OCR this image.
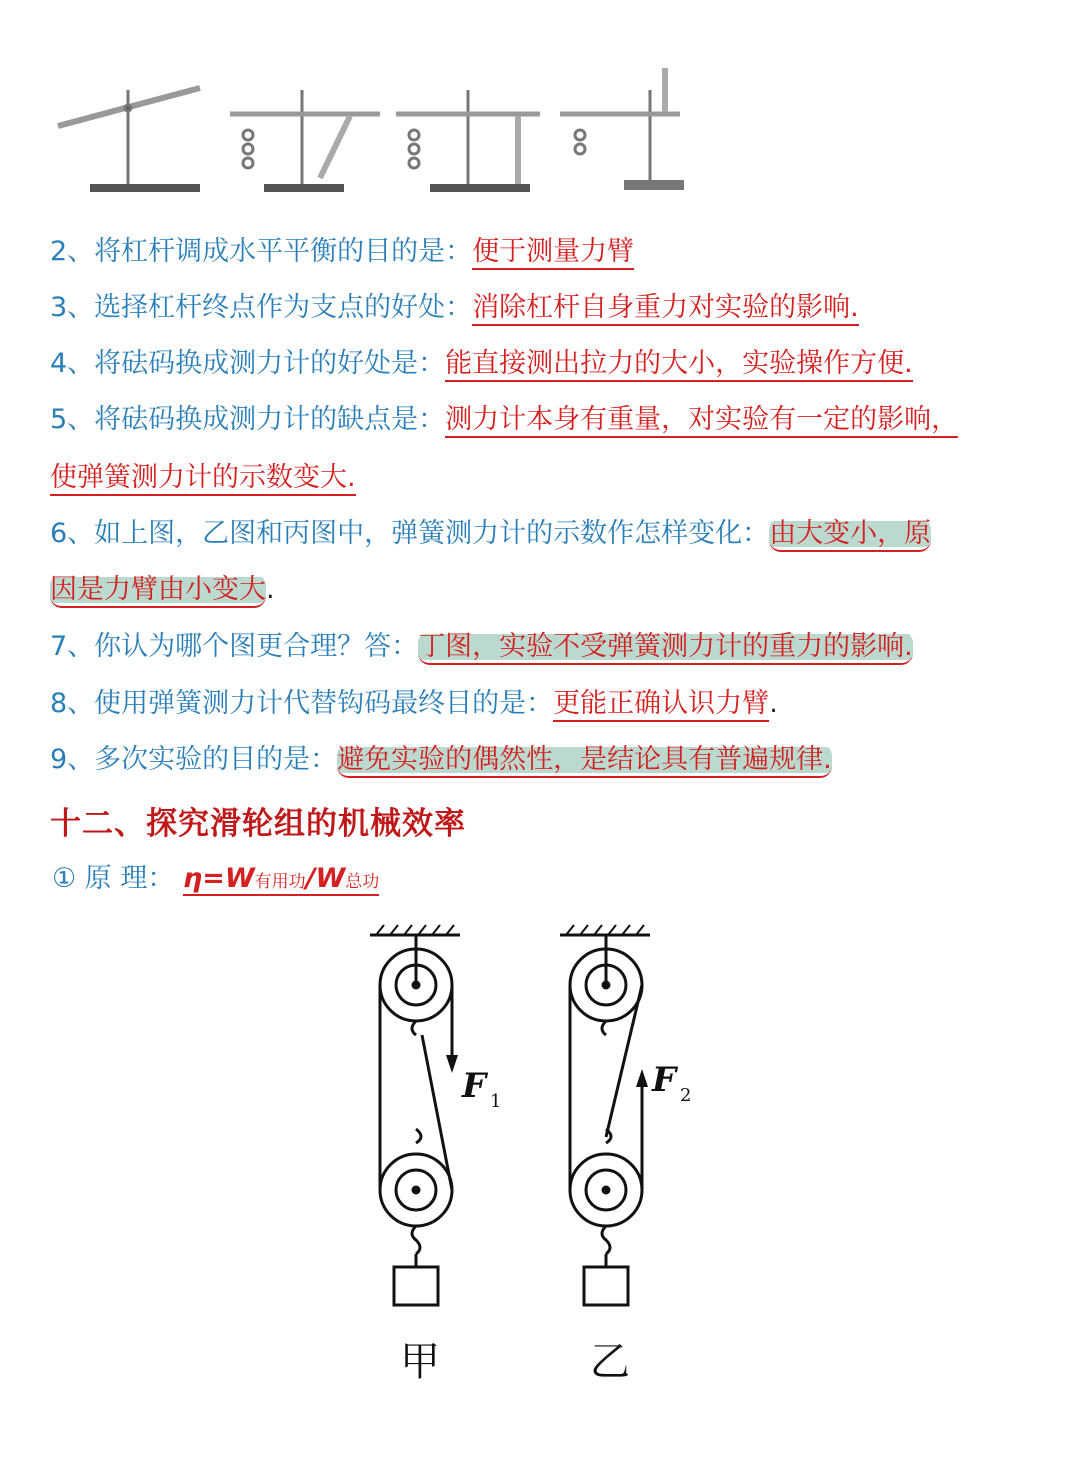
2、将杠杆调成水平平衡的目的是：便于测量力臂
3、选择杠杆终点作为支点的好处：消除杠杆自身重力对实验的影响.
4、将砝码换成测力计的好处是：能直接测出拉力的大小，实验操作方便.
5、将砝码换成测力计的缺点是：测力计本身有重量，对实验有一定的影响，
使弹簧测力计的示数变大.
6、如上图，乙图和丙图中，弹簧测力计的示数作怎样变化：由大变小，原
因是力臂由小变大.
7、你认为哪个图更合理？答：丁图，实验不受弹簧测力计的重力的影响.
8、使用弹簧测力计代替钩码最终目的是：更能正确认识力臂.
9、多次实验的目的是：避免实验的偶然性，是结论具有普遍规律.
十二、探究滑轮组的机械效率
① 原 理： η=W有用功/W总功
F 1
甲
F 2
乙
